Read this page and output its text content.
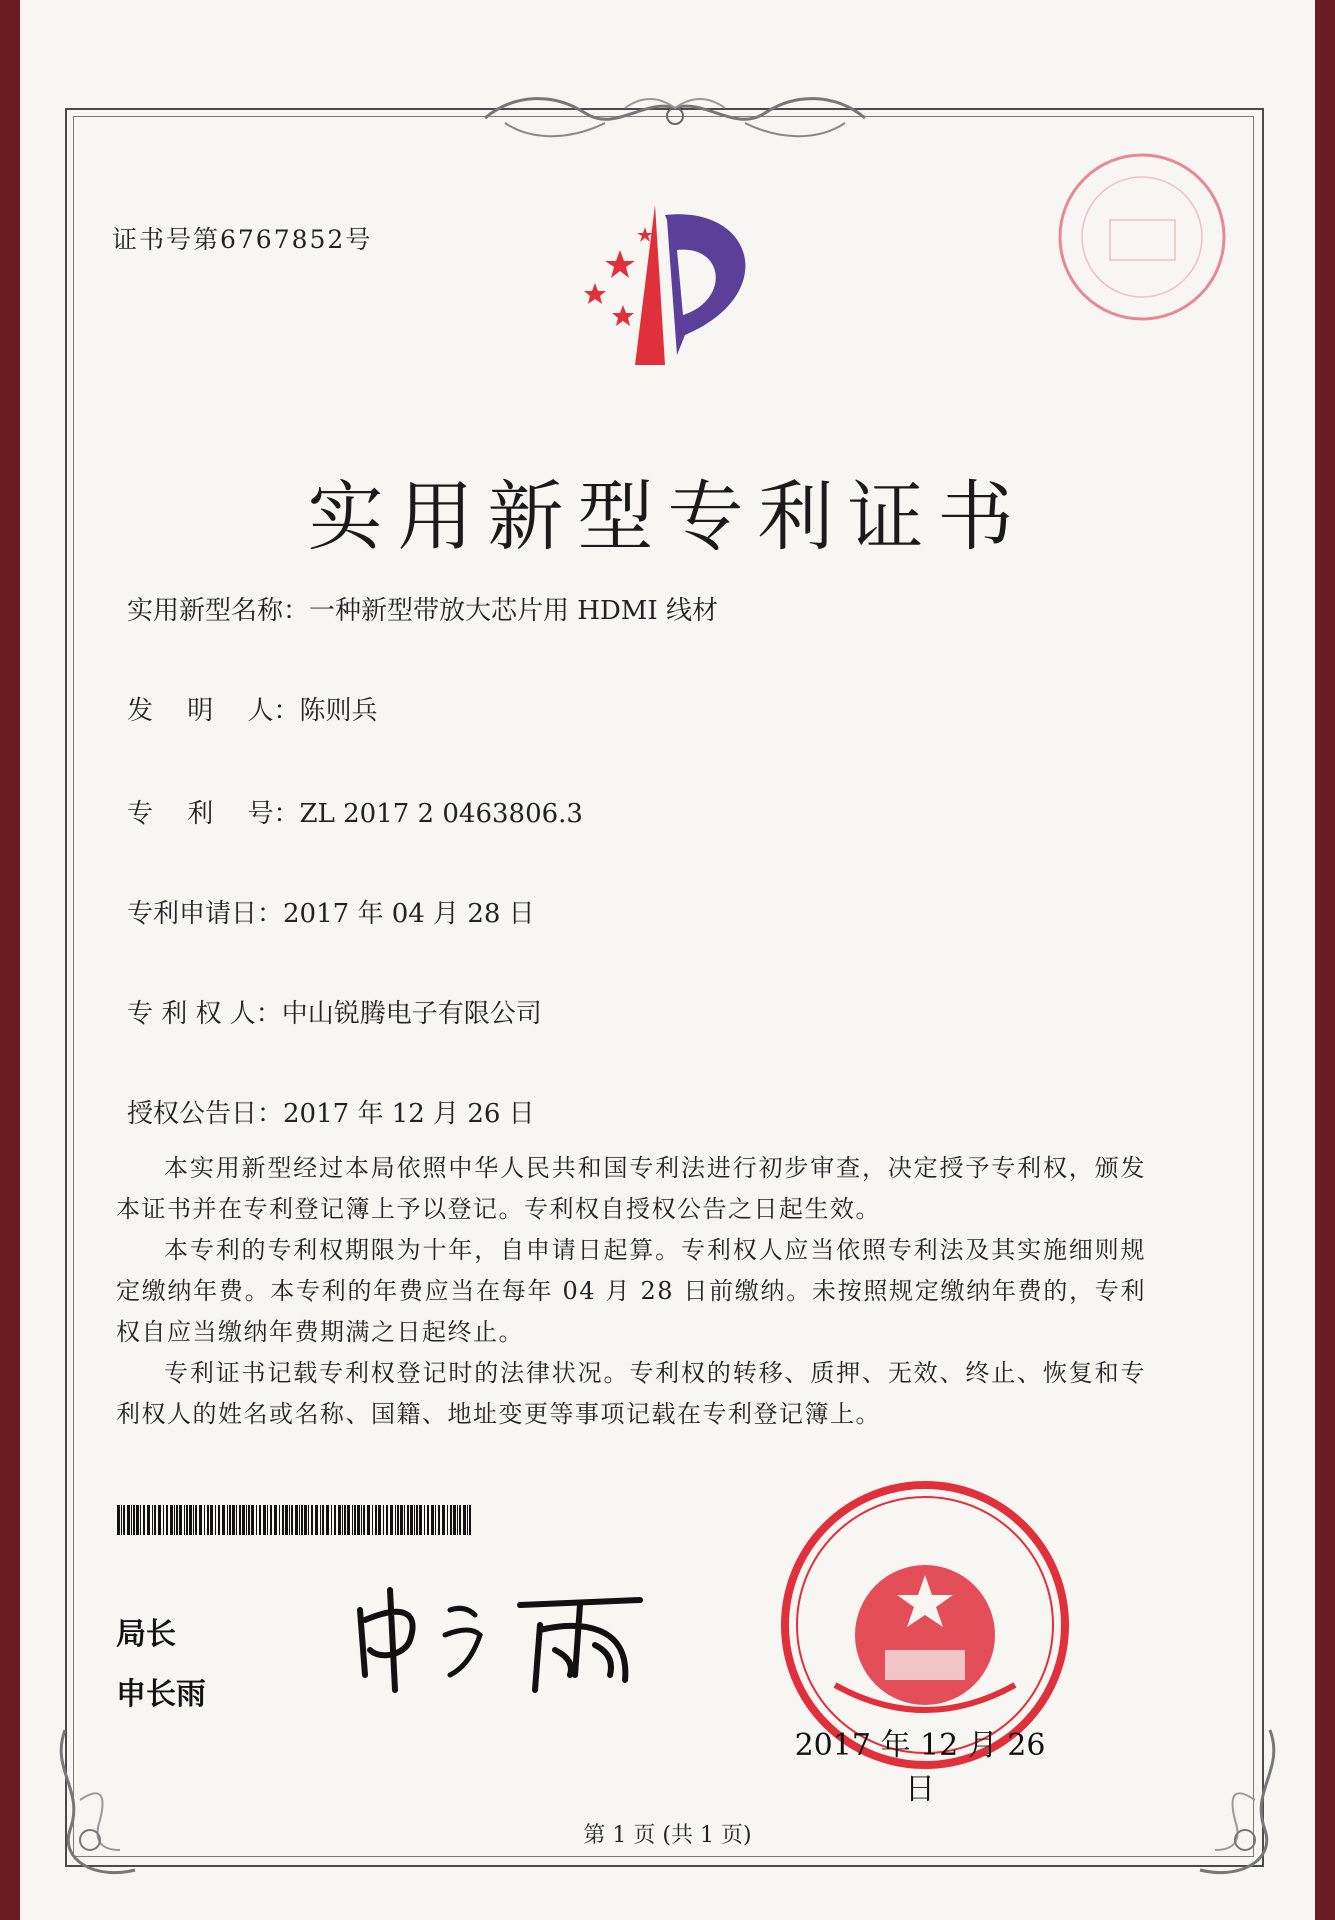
证书号第6767852号
实用新型专利证书
实用新型名称：一种新型带放大芯片用 HDMI 线材
发　 明　 人：陈则兵
专　 利　 号：ZL 2017 2 0463806.3
专利申请日：2017 年 04 月 28 日
专 利 权 人：中山锐腾电子有限公司
授权公告日：2017 年 12 月 26 日

本实用新型经过本局依照中华人民共和国专利法进行初步审查，决定授予专利权，颁发本证书并在专利登记簿上予以登记。专利权自授权公告之日起生效。

本专利的专利权期限为十年，自申请日起算。专利权人应当依照专利法及其实施细则规定缴纳年费。本专利的年费应当在每年 04 月 28 日前缴纳。未按照规定缴纳年费的，专利权自应当缴纳年费期满之日起终止。

专利证书记载专利权登记时的法律状况。专利权的转移、质押、无效、终止、恢复和专利权人的姓名或名称、国籍、地址变更等事项记载在专利登记簿上。

局长
申长雨
2017 年 12 月 26 日
第 1 页 (共 1 页)
